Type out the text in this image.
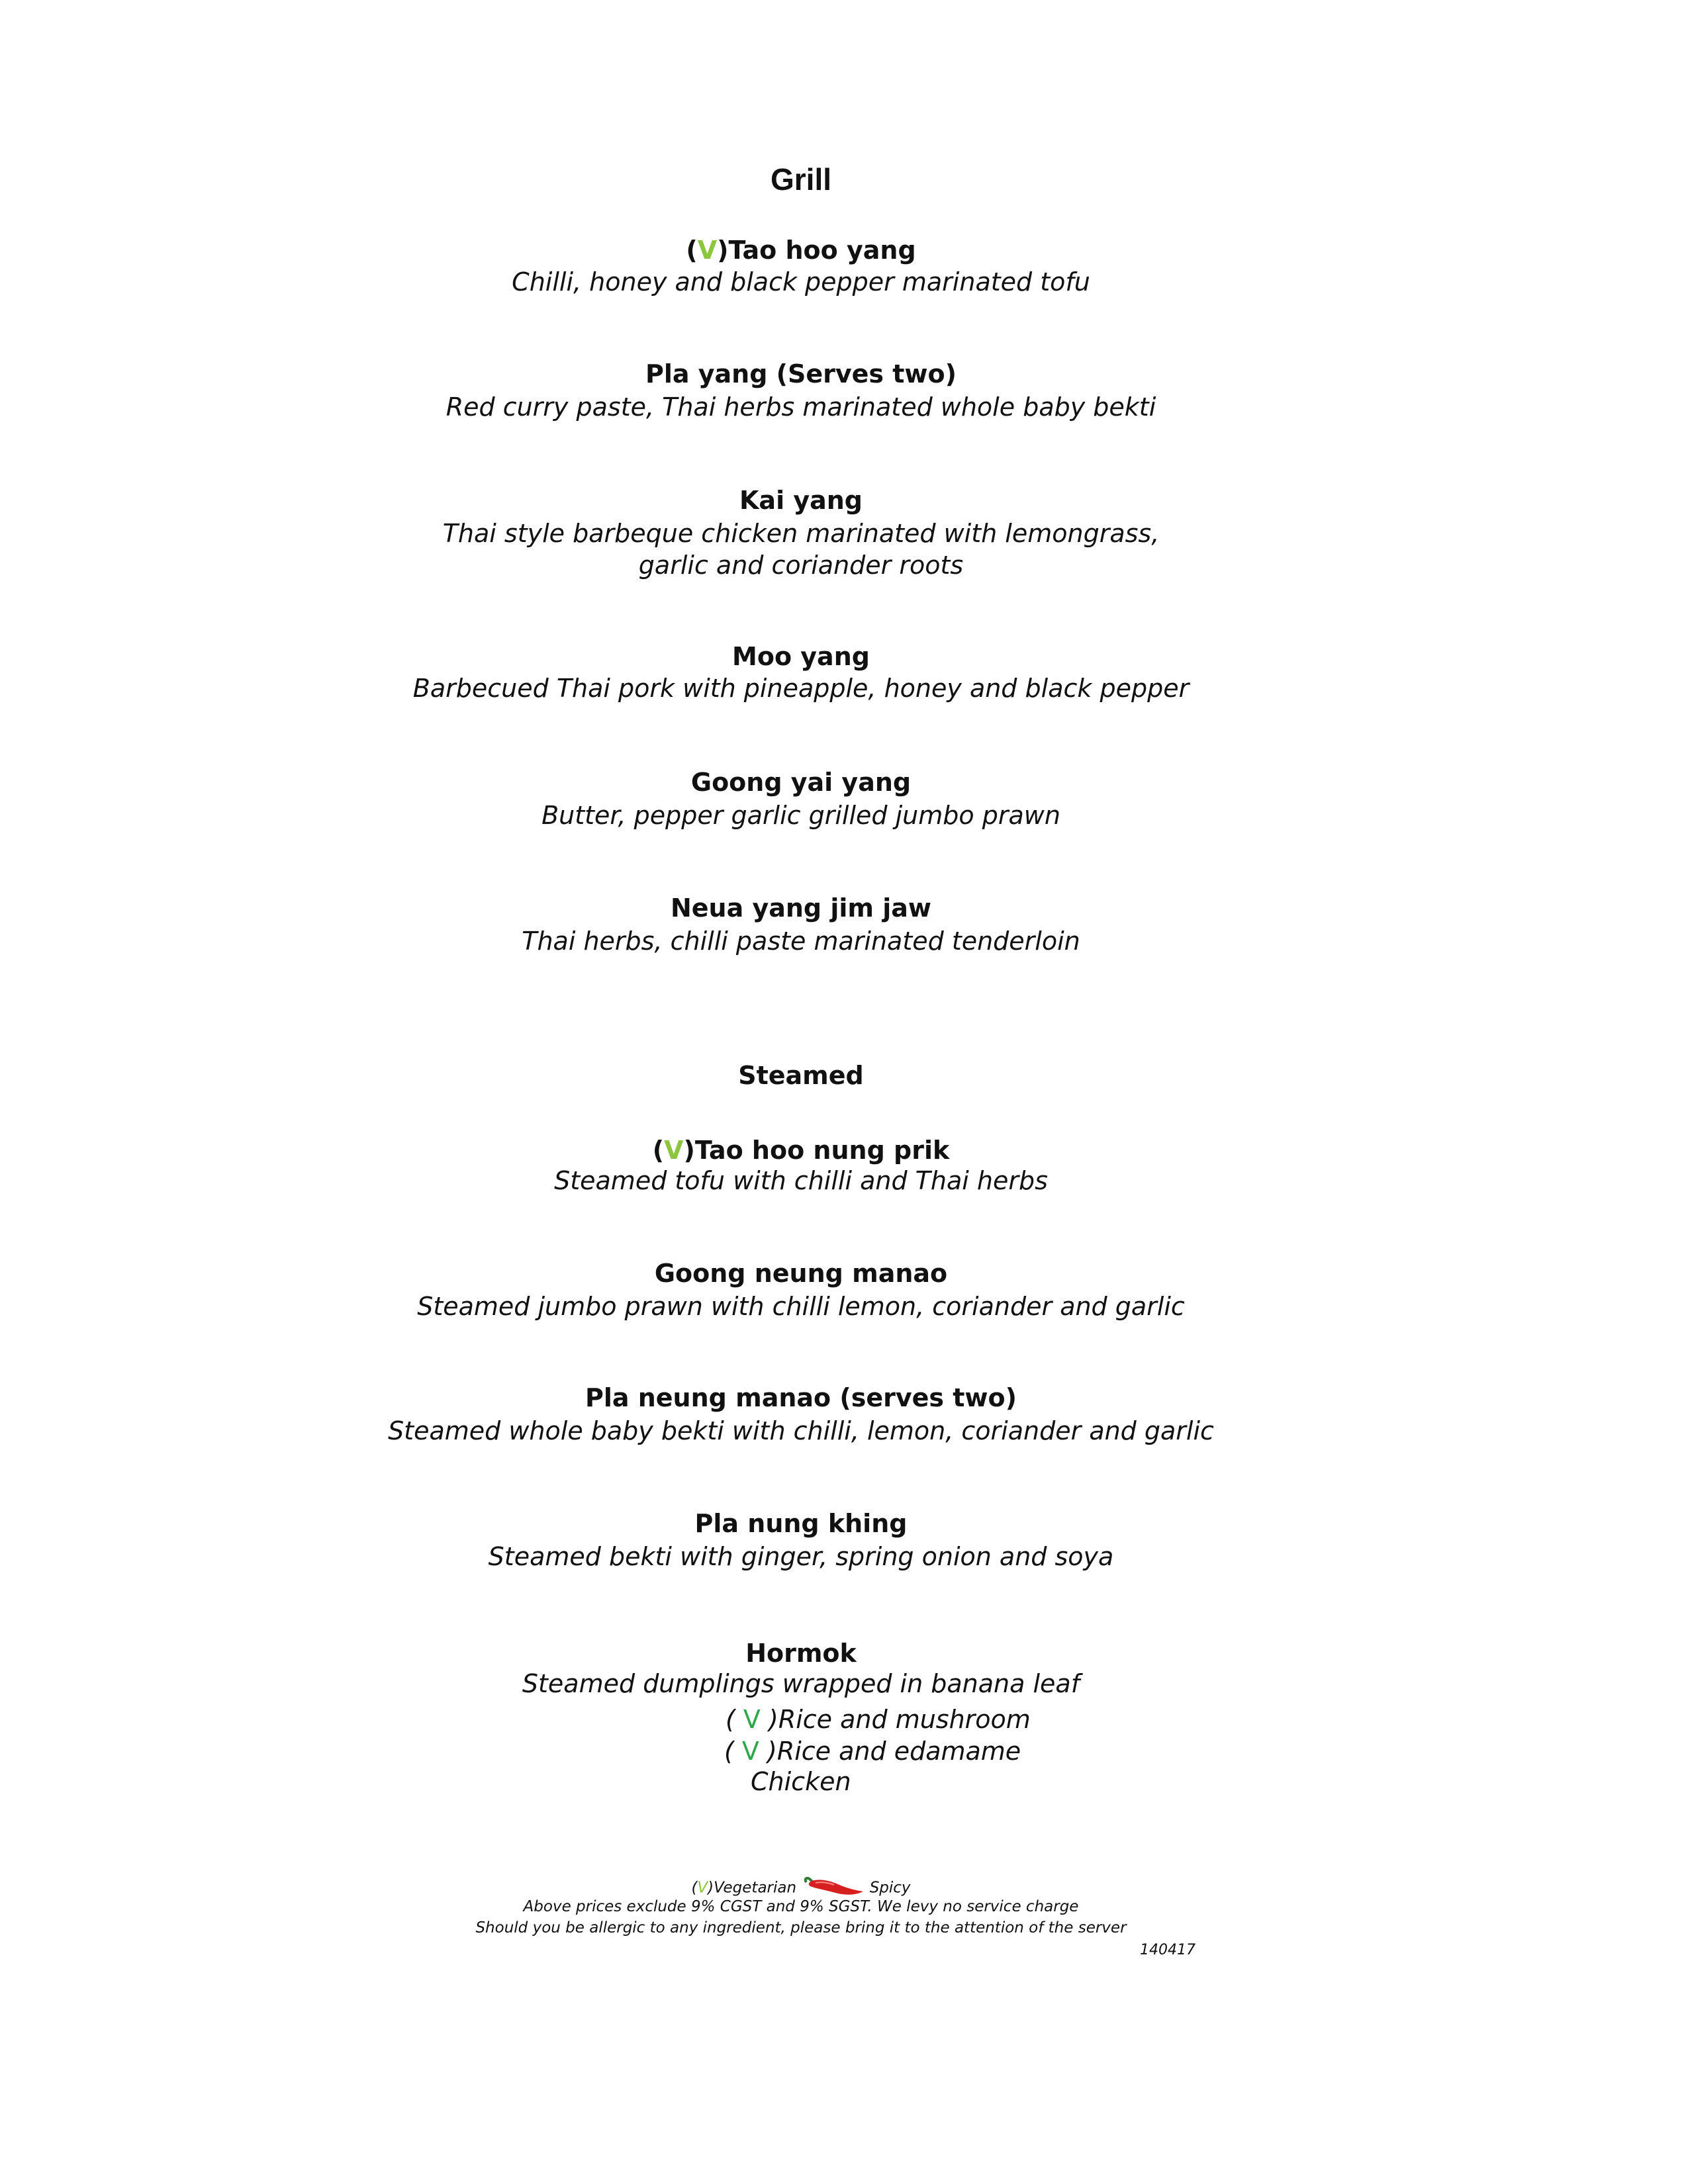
Grill
(V)Tao hoo yang
Chilli, honey and black pepper marinated tofu
Pla yang (Serves two)
Red curry paste, Thai herbs marinated whole baby bekti
Kai yang
Thai style barbeque chicken marinated with lemongrass,
garlic and coriander roots
Moo yang
Barbecued Thai pork with pineapple, honey and black pepper
Goong yai yang
Butter, pepper garlic grilled jumbo prawn
Neua yang jim jaw
Thai herbs, chilli paste marinated tenderloin
Steamed
(V)Tao hoo nung prik
Steamed tofu with chilli and Thai herbs
Goong neung manao
Steamed jumbo prawn with chilli lemon, coriander and garlic
Pla neung manao (serves two)
Steamed whole baby bekti with chilli, lemon, coriander and garlic
Pla nung khing
Steamed bekti with ginger, spring onion and soya
Hormok
Steamed dumplings wrapped in banana leaf
( V )Rice and mushroom
( V )Rice and edamame
Chicken
(V)Vegetarian	Spicy
Above prices exclude 9% CGST and 9% SGST. We levy no service charge
Should you be allergic to any ingredient, please bring it to the attention of the server
140417
